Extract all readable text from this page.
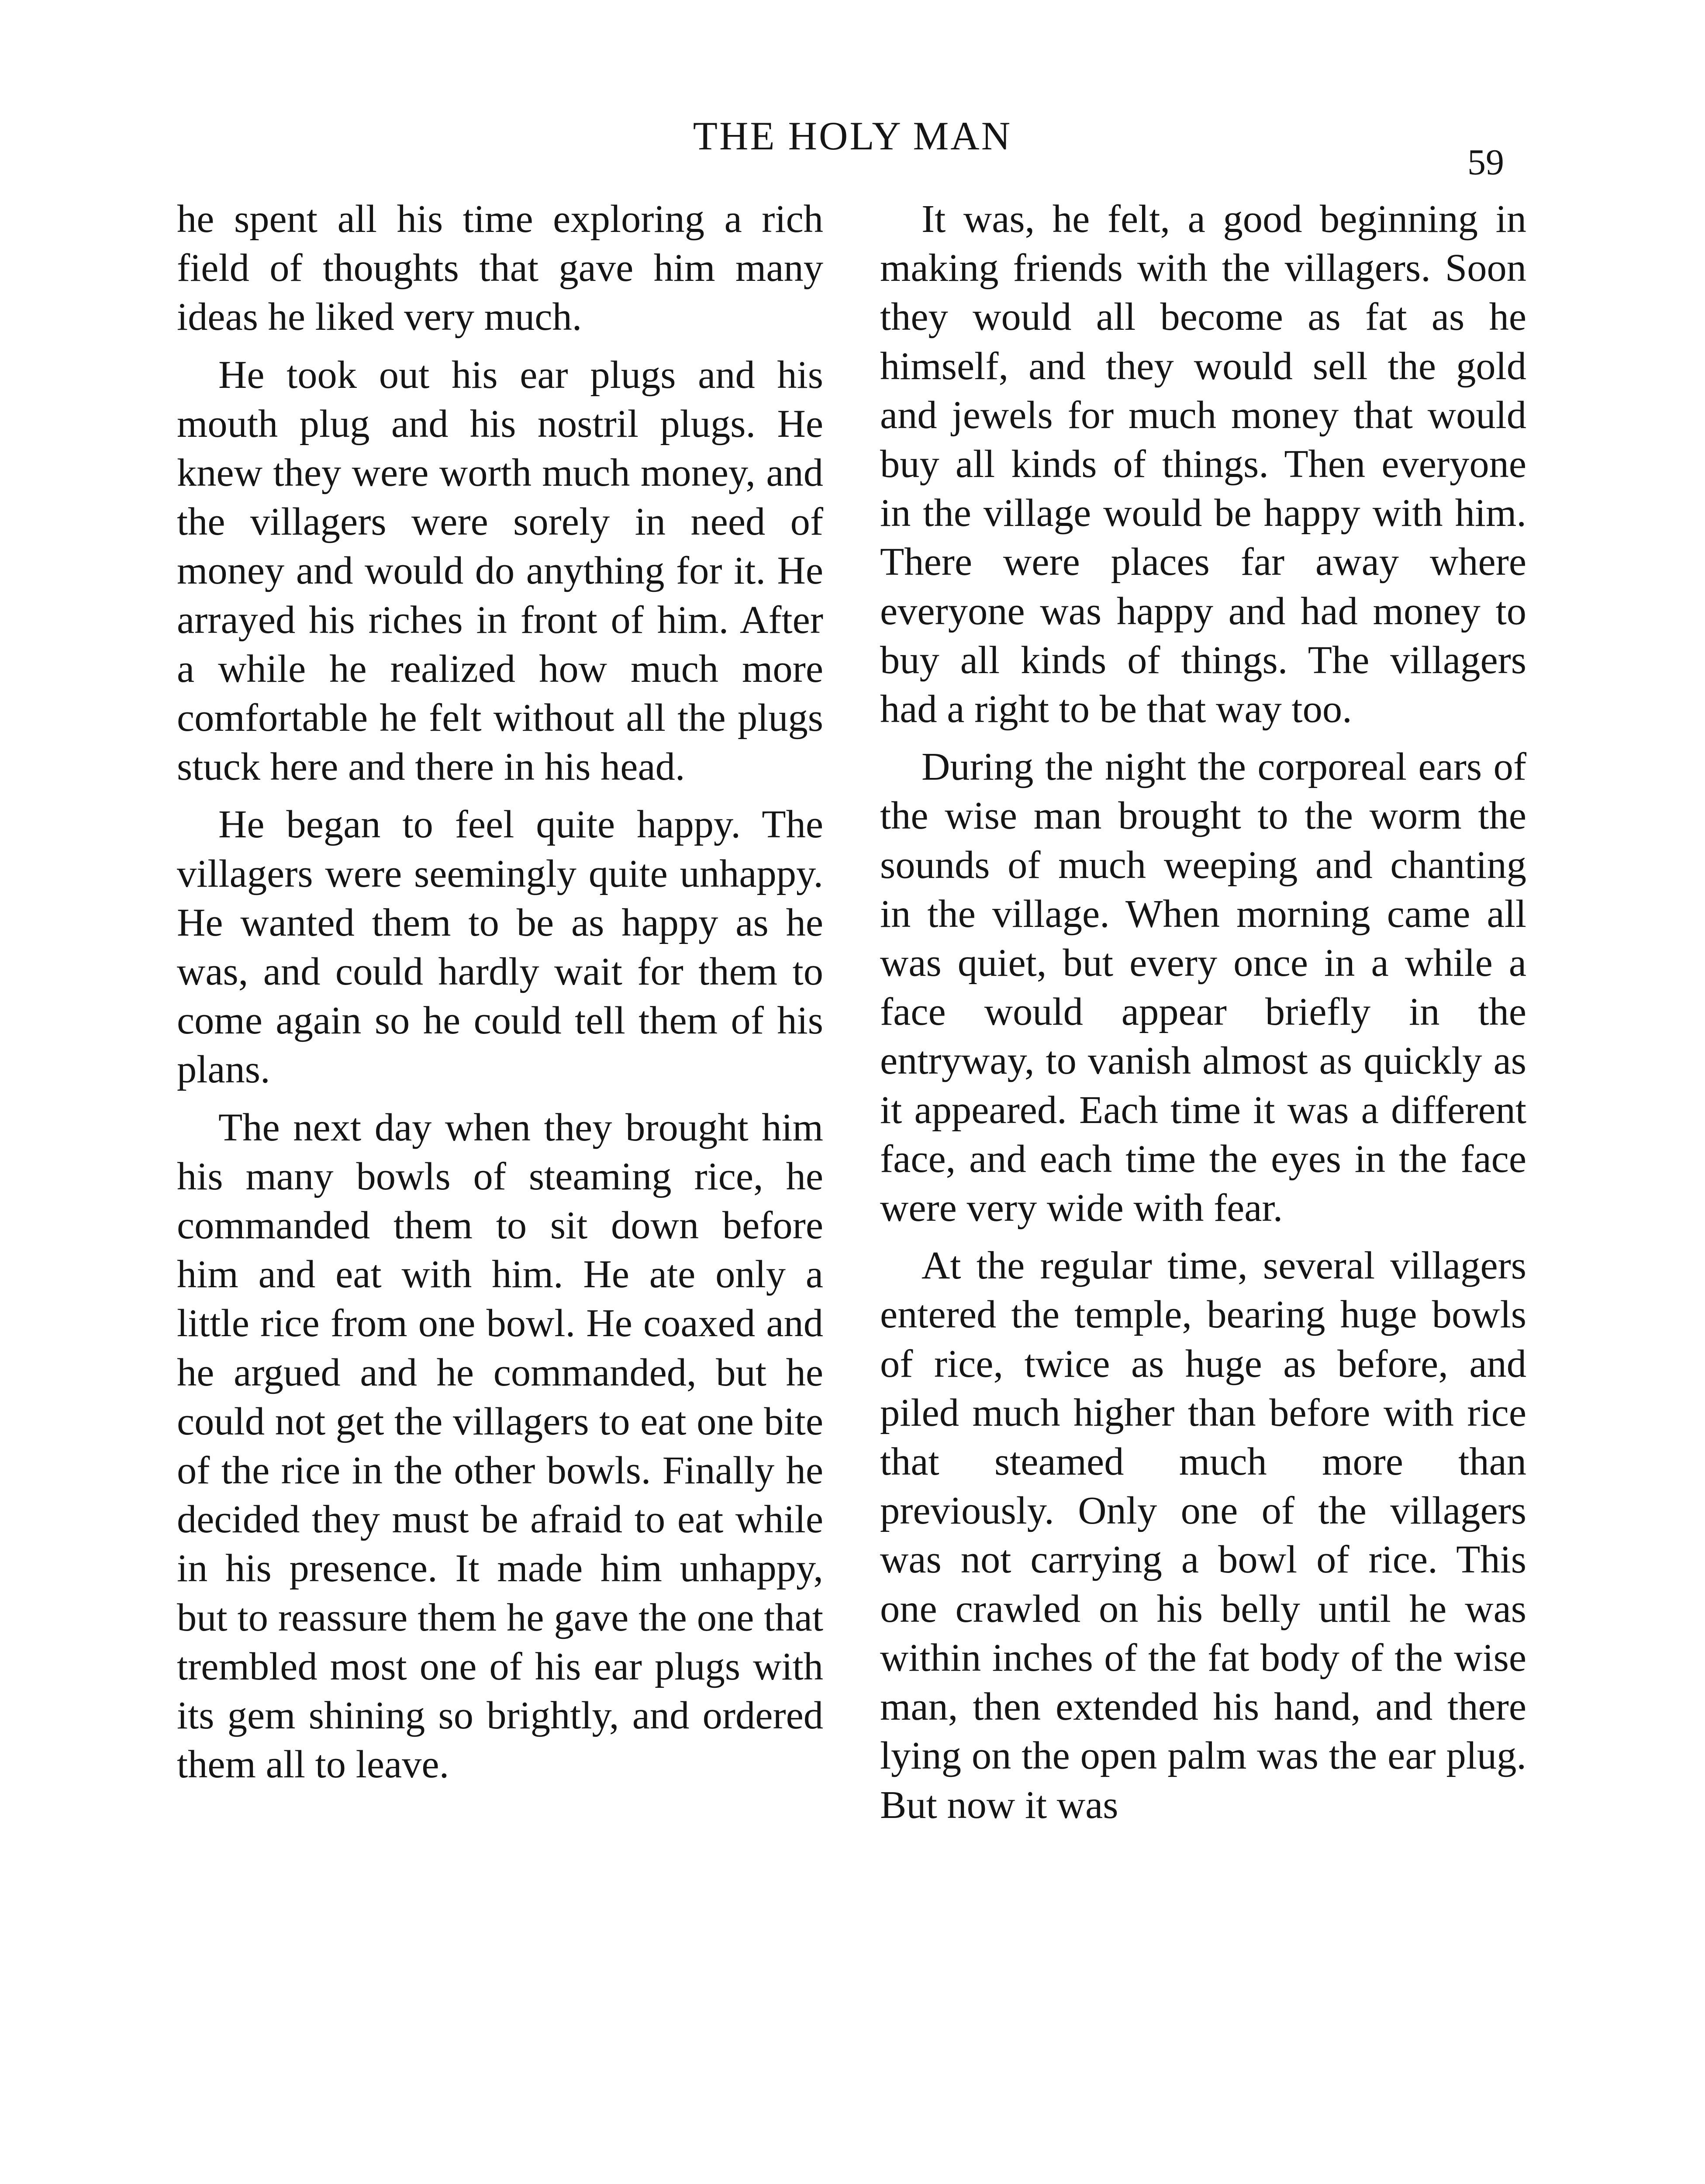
THE HOLY MAN
59

he spent all his time exploring a rich field of thoughts that gave him many ideas he liked very much.

He took out his ear plugs and his mouth plug and his nostril plugs. He knew they were worth much money, and the villagers were sorely in need of money and would do anything for it. He arrayed his riches in front of him. After a while he realized how much more comfortable he felt without all the plugs stuck here and there in his head.

He began to feel quite happy. The villagers were seemingly quite unhappy. He wanted them to be as happy as he was, and could hardly wait for them to come again so he could tell them of his plans.

The next day when they brought him his many bowls of steaming rice, he commanded them to sit down before him and eat with him. He ate only a little rice from one bowl. He coaxed and he argued and he commanded, but he could not get the villagers to eat one bite of the rice in the other bowls. Finally he decided they must be afraid to eat while in his presence. It made him unhappy, but to reassure them he gave the one that trembled most one of his ear plugs with its gem shining so brightly, and ordered them all to leave.

It was, he felt, a good beginning in making friends with the villagers. Soon they would all become as fat as he himself, and they would sell the gold and jewels for much money that would buy all kinds of things. Then everyone in the village would be happy with him. There were places far away where everyone was happy and had money to buy all kinds of things. The villagers had a right to be that way too.

During the night the corporeal ears of the wise man brought to the worm the sounds of much weeping and chanting in the village. When morning came all was quiet, but every once in a while a face would appear briefly in the entryway, to vanish almost as quickly as it appeared. Each time it was a different face, and each time the eyes in the face were very wide with fear.

At the regular time, several villagers entered the temple, bearing huge bowls of rice, twice as huge as before, and piled much higher than before with rice that steamed much more than previously. Only one of the villagers was not carrying a bowl of rice. This one crawled on his belly until he was within inches of the fat body of the wise man, then extended his hand, and there lying on the open palm was the ear plug. But now it was
